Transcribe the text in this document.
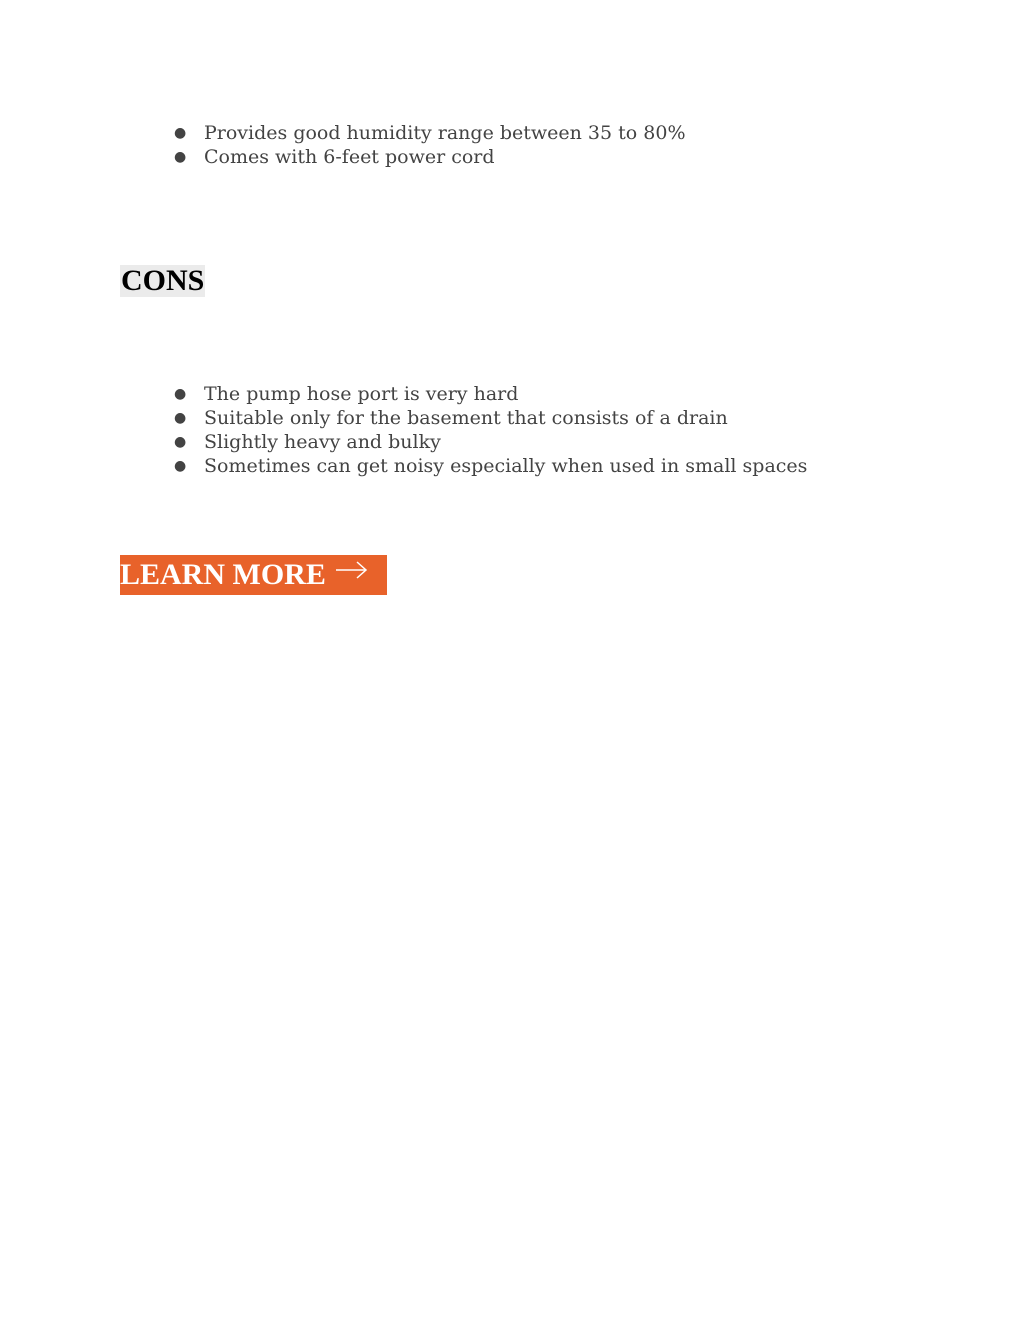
● Provides good humidity range between 35 to 80%
● Comes with 6-feet power cord
CONS
● The pump hose port is very hard
● Suitable only for the basement that consists of a drain
● Slightly heavy and bulky
● Sometimes can get noisy especially when used in small spaces
LEARN MORE
